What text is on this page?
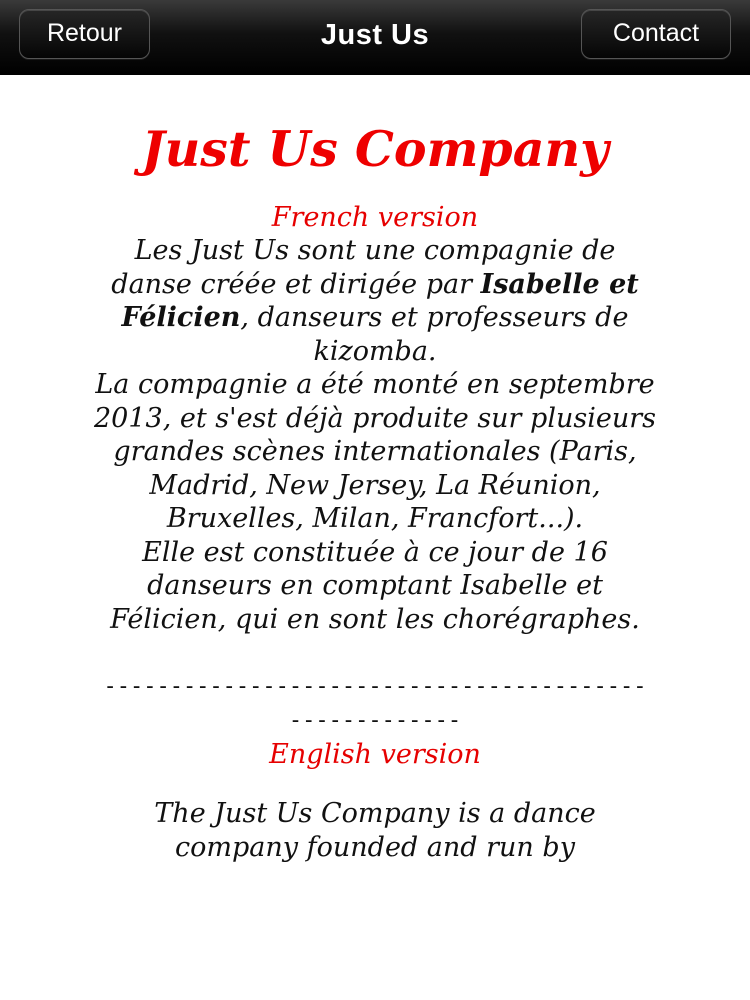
Retour	Just Us	Contact
Just Us Company
French version
Les Just Us sont une compagnie de danse créée et dirigée par Isabelle et Félicien, danseurs et professeurs de kizomba.
La compagnie a été monté en septembre 2013, et s'est déjà produite sur plusieurs grandes scènes internationales (Paris, Madrid, New Jersey, La Réunion, Bruxelles, Milan, Francfort...).
Elle est constituée à ce jour de 16 danseurs en comptant Isabelle et Félicien, qui en sont les chorégraphes.
------------------------------------------------------
English version
The Just Us Company is a dance company founded and run by
